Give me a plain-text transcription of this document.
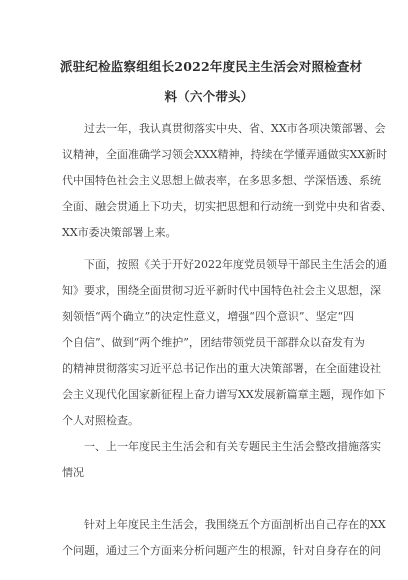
派驻纪检监察组组长2022年度民主生活会对照检查材
料（六个带头）
过去一年，我认真贯彻落实中央、省、XX市各项决策部署、会
议精神，全面准确学习领会XXX精神，持续在学懂弄通做实XX新时
代中国特色社会主义思想上做表率，在多思多想、学深悟透、系统
全面、融会贯通上下功夫，切实把思想和行动统一到党中央和省委、
XX市委决策部署上来。
下面，按照《关于开好2022年度党员领导干部民主生活会的通
知》要求，围绕全面贯彻习近平新时代中国特色社会主义思想，深
刻领悟“两个确立”的决定性意义，增强“四个意识”、坚定“四
个自信”、做到“两个维护”，团结带领党员干部群众以奋发有为
的精神贯彻落实习近平总书记作出的重大决策部署，在全面建设社
会主义现代化国家新征程上奋力谱写XX发展新篇章主题，现作如下
个人对照检查。
一、上一年度民主生活会和有关专题民主生活会整改措施落实
情况
针对上年度民主生活会，我围绕五个方面剖析出自己存在的XX
个问题，通过三个方面来分析问题产生的根源，针对自身存在的问
